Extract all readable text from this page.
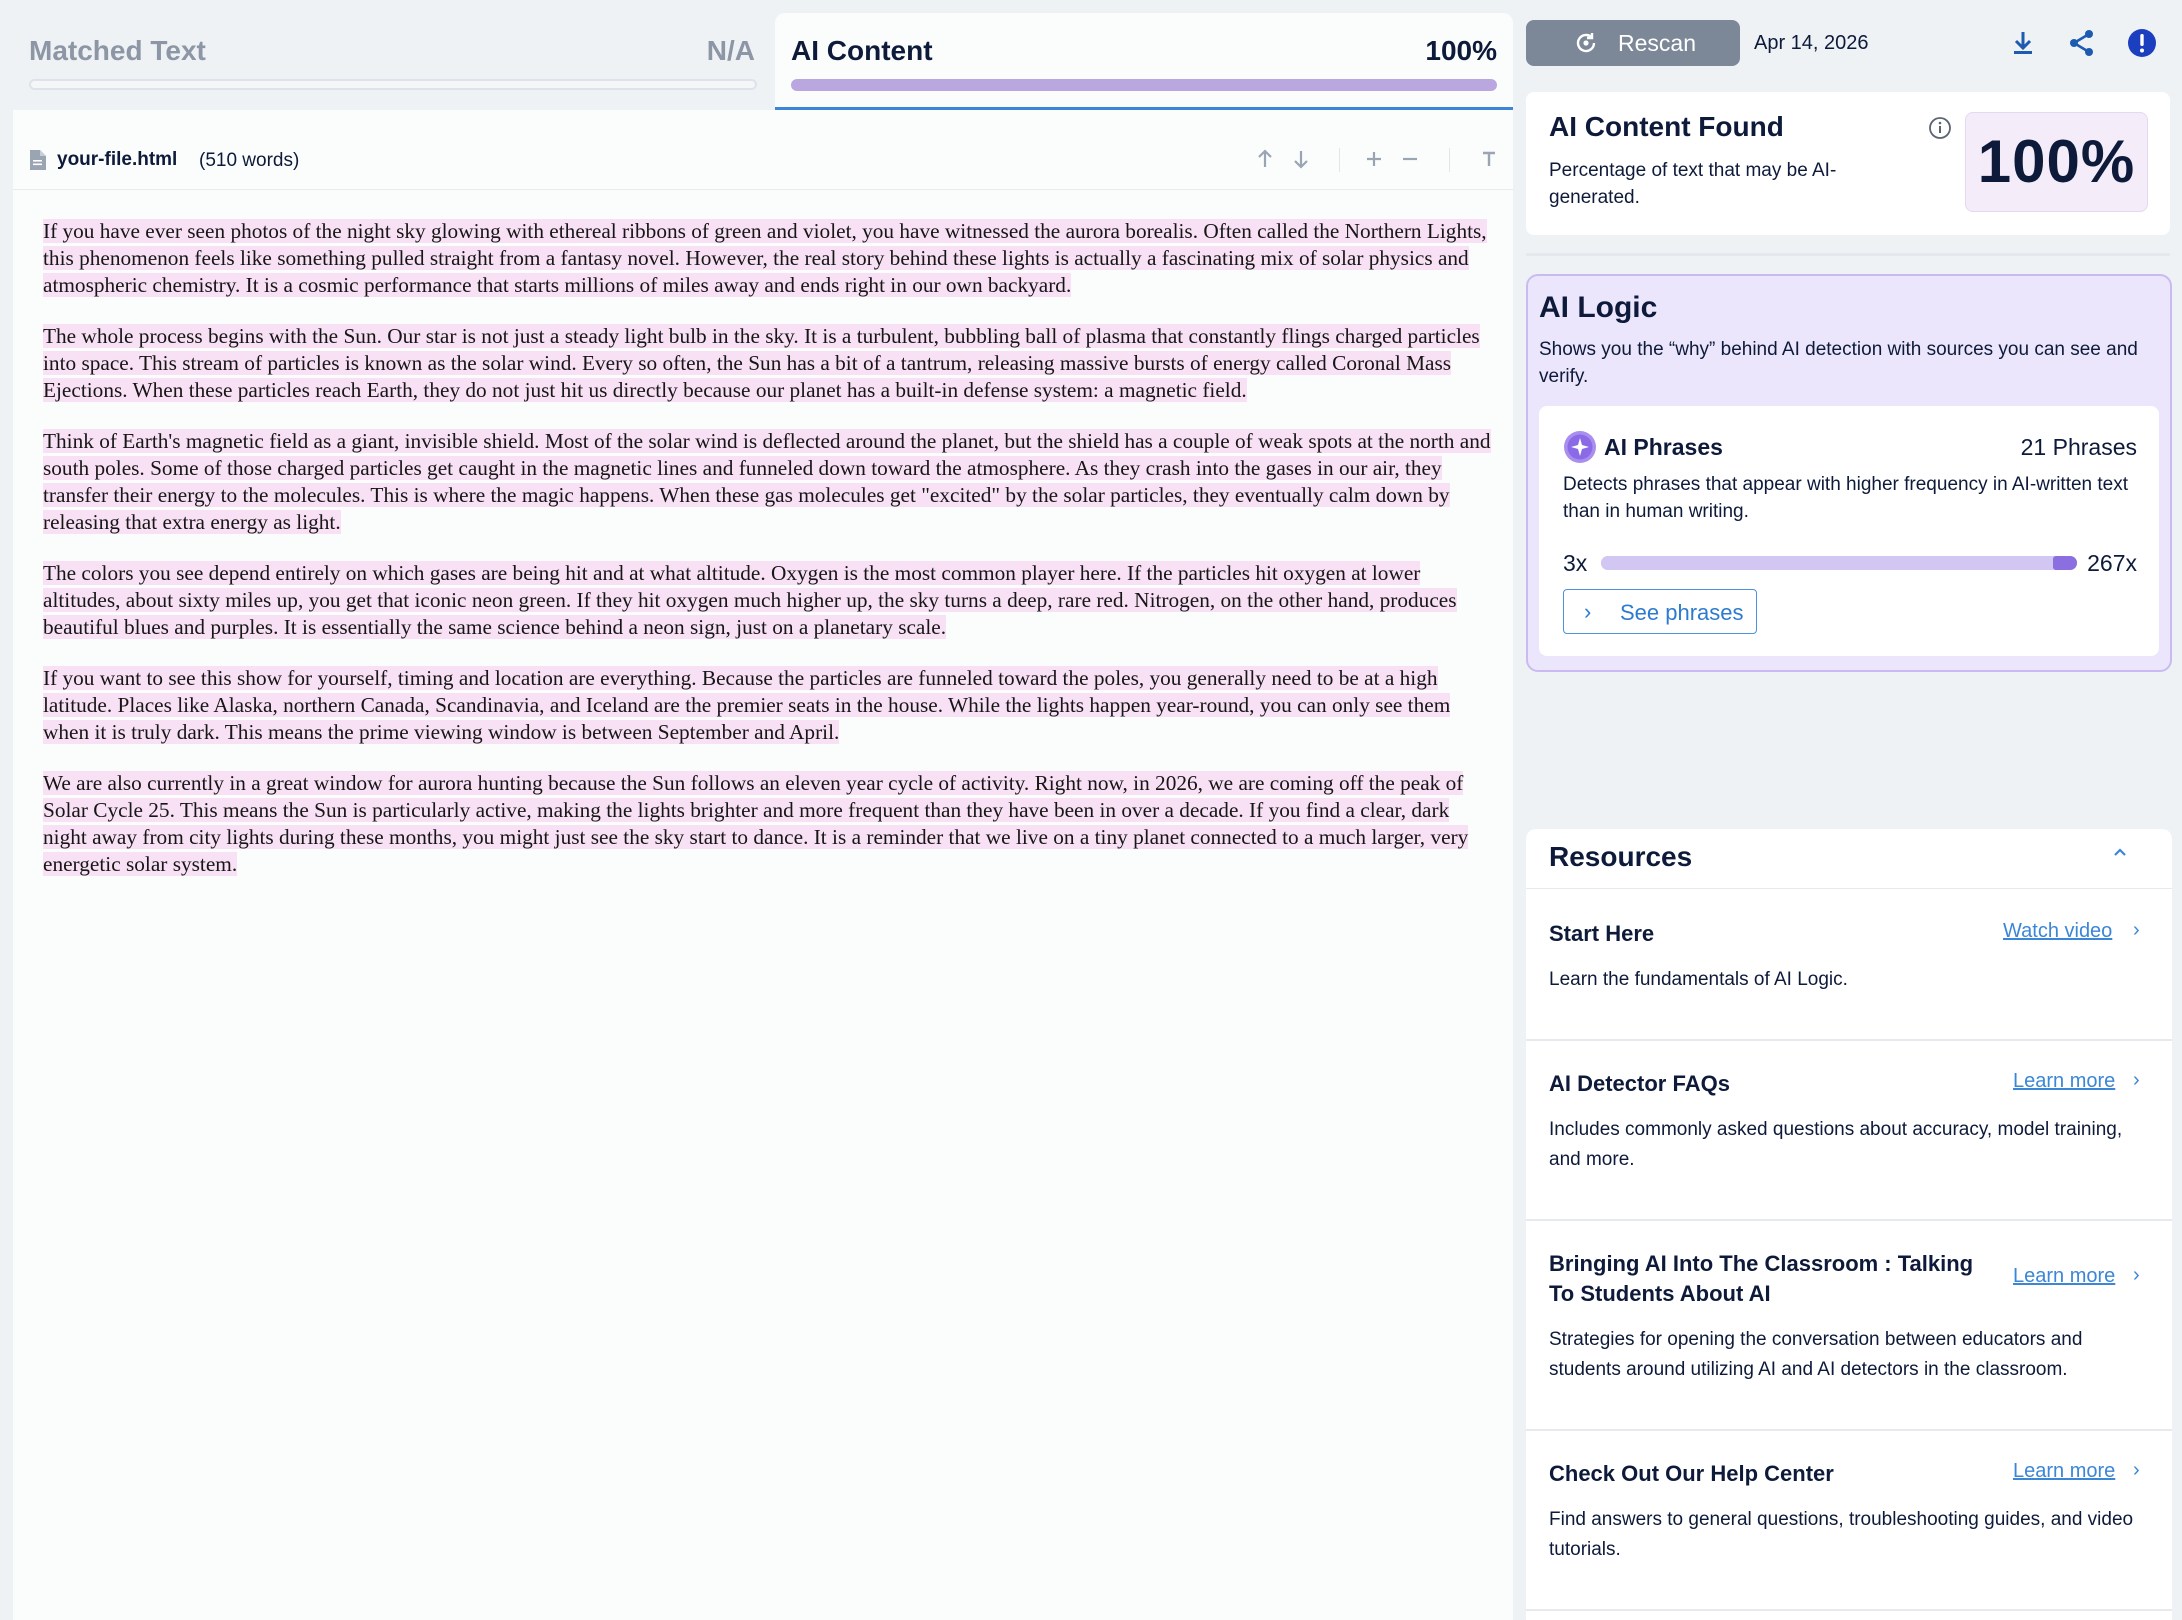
Matched Text	N/A AI Content	100%
your-file.html (510 words)

If you have ever seen photos of the night sky glowing with ethereal ribbons of green and violet, you have witnessed the aurora borealis. Often called the Northern Lights, this phenomenon feels like something pulled straight from a fantasy novel. However, the real story behind these lights is actually a fascinating mix of solar physics and atmospheric chemistry. It is a cosmic performance that starts millions of miles away and ends right in our own backyard.

The whole process begins with the Sun. Our star is not just a steady light bulb in the sky. It is a turbulent, bubbling ball of plasma that constantly flings charged particles into space. This stream of particles is known as the solar wind. Every so often, the Sun has a bit of a tantrum, releasing massive bursts of energy called Coronal Mass Ejections. When these particles reach Earth, they do not just hit us directly because our planet has a built-in defense system: a magnetic field.

Think of Earth's magnetic field as a giant, invisible shield. Most of the solar wind is deflected around the planet, but the shield has a couple of weak spots at the north and south poles. Some of those charged particles get caught in the magnetic lines and funneled down toward the atmosphere. As they crash into the gases in our air, they transfer their energy to the molecules. This is where the magic happens. When these gas molecules get "excited" by the solar particles, they eventually calm down by releasing that extra energy as light.

The colors you see depend entirely on which gases are being hit and at what altitude. Oxygen is the most common player here. If the particles hit oxygen at lower altitudes, about sixty miles up, you get that iconic neon green. If they hit oxygen much higher up, the sky turns a deep, rare red. Nitrogen, on the other hand, produces beautiful blues and purples. It is essentially the same science behind a neon sign, just on a planetary scale.

If you want to see this show for yourself, timing and location are everything. Because the particles are funneled toward the poles, you generally need to be at a high latitude. Places like Alaska, northern Canada, Scandinavia, and Iceland are the premier seats in the house. While the lights happen year-round, you can only see them when it is truly dark. This means the prime viewing window is between September and April.

We are also currently in a great window for aurora hunting because the Sun follows an eleven year cycle of activity. Right now, in 2026, we are coming off the peak of Solar Cycle 25. This means the Sun is particularly active, making the lights brighter and more frequent than they have been in over a decade. If you find a clear, dark night away from city lights during these months, you might just see the sky start to dance. It is a reminder that we live on a tiny planet connected to a much larger, very energetic solar system.

Rescan	Apr 14, 2026
AI Content Found
Percentage of text that may be AI-generated.
100%
AI Logic
Shows you the “why” behind AI detection with sources you can see and verify.
AI Phrases	21 Phrases
Detects phrases that appear with higher frequency in AI-written text than in human writing.
3x	267x
› See phrases
Resources
Start Here	Watch video ›
Learn the fundamentals of AI Logic.
AI Detector FAQs	Learn more ›
Includes commonly asked questions about accuracy, model training, and more.
Bringing AI Into The Classroom : Talking To Students About AI
Learn more ›
Strategies for opening the conversation between educators and students around utilizing AI and AI detectors in the classroom.
Check Out Our Help Center	Learn more ›
Find answers to general questions, troubleshooting guides, and video tutorials.
